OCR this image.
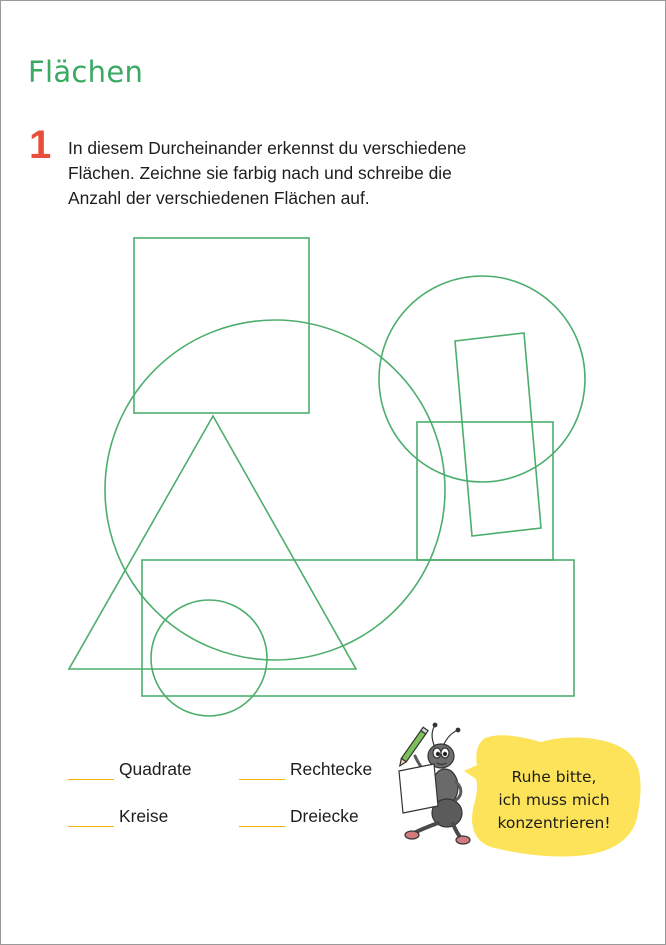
Flächen
1 In diesem Durcheinander erkennst du verschiedene
Flächen. Zeichne sie farbig nach und schreibe die
Anzahl der verschiedenen Flächen auf.

Quadrate	Rechtecke
Kreise	Dreiecke
Ruhe bitte,
ich muss mich
konzentrieren!
